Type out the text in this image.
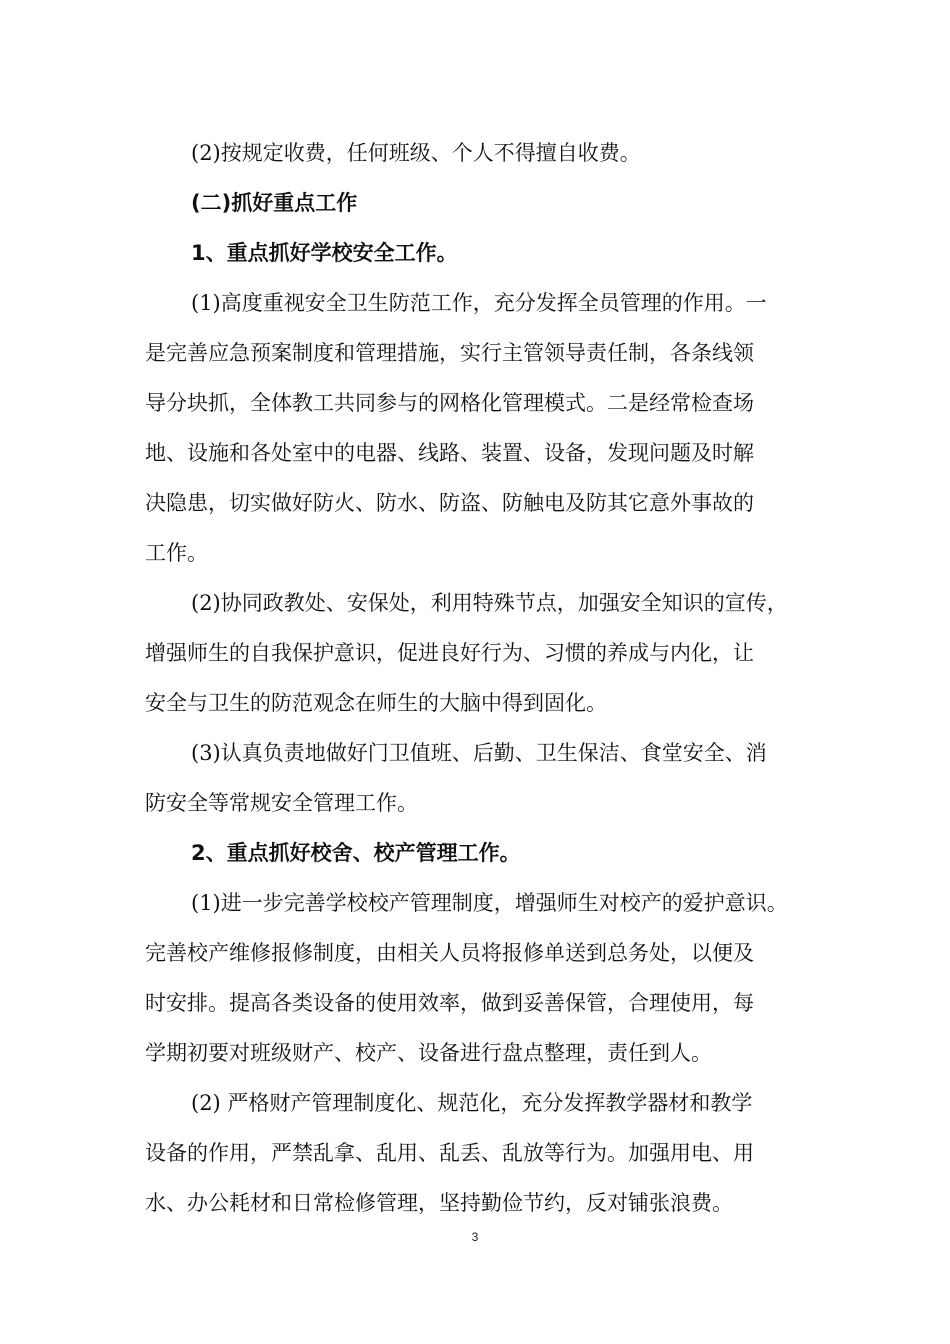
(2)按规定收费，任何班级、个人不得擅自收费。
(二)抓好重点工作
1、重点抓好学校安全工作。
(1)高度重视安全卫生防范工作，充分发挥全员管理的作用。一
是完善应急预案制度和管理措施，实行主管领导责任制，各条线领
导分块抓，全体教工共同参与的网格化管理模式。二是经常检查场
地、设施和各处室中的电器、线路、装置、设备，发现问题及时解
决隐患，切实做好防火、防水、防盗、防触电及防其它意外事故的
工作。
(2)协同政教处、安保处，利用特殊节点，加强安全知识的宣传，
增强师生的自我保护意识，促进良好行为、习惯的养成与内化，让
安全与卫生的防范观念在师生的大脑中得到固化。
(3)认真负责地做好门卫值班、后勤、卫生保洁、食堂安全、消
防安全等常规安全管理工作。
2、重点抓好校舍、校产管理工作。
(1)进一步完善学校校产管理制度，增强师生对校产的爱护意识。
完善校产维修报修制度，由相关人员将报修单送到总务处，以便及
时安排。提高各类设备的使用效率，做到妥善保管，合理使用，每
学期初要对班级财产、校产、设备进行盘点整理，责任到人。
(2) 严格财产管理制度化、规范化，充分发挥教学器材和教学
设备的作用，严禁乱拿、乱用、乱丢、乱放等行为。加强用电、用
水、办公耗材和日常检修管理，坚持勤俭节约，反对铺张浪费。
3
